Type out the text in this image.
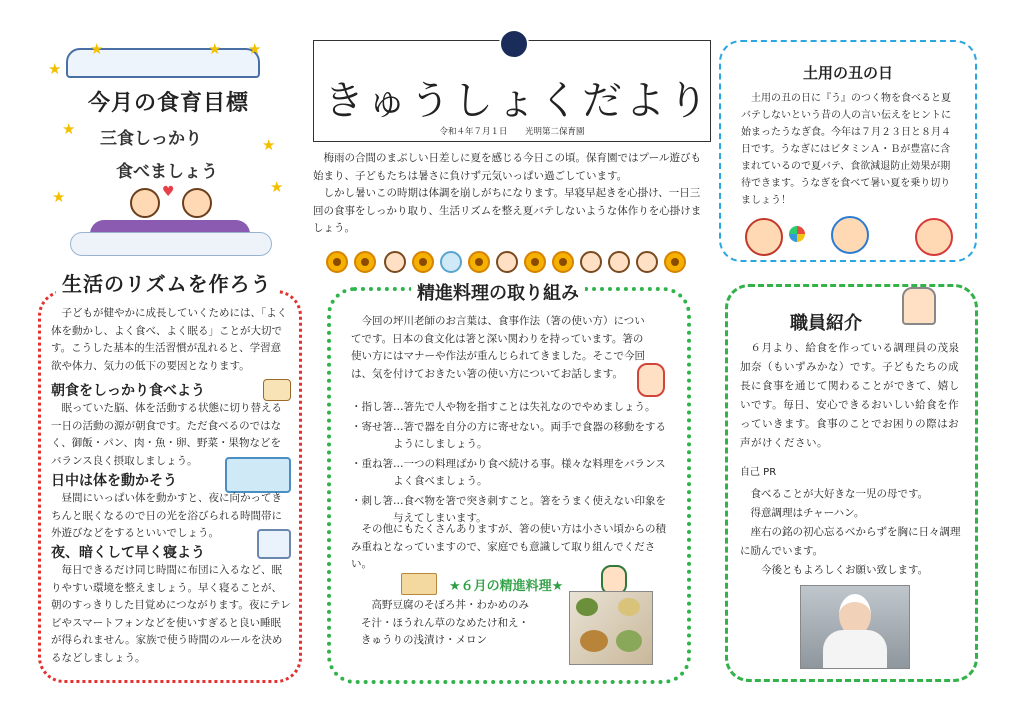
★
★	★ ★
★
★
★
★
今月の食育目標
三食しっかり
食べましょう
♥
きゅうしょくだより
令和４年７月１日 光明第二保育園

梅雨の合間のまぶしい日差しに夏を感じる今日この頃。保育園ではプール遊びも始まり、子どもたちは暑さに負けず元気いっぱい過ごしています。

しかし暑いこの時期は体調を崩しがちになります。早寝早起きを心掛け、一日三回の食事をしっかり取り、生活リズムを整え夏バテしないような体作りを心掛けましょう。

土用の丑の日

土用の丑の日に『う』のつく物を食べると夏バテしないという昔の人の言い伝えをヒントに始まったうなぎ食。今年は７月２３日と８月４日です。うなぎにはビタミンＡ・Ｂが豊富に含まれているので夏バテ、食欲減退防止効果が期待できます。うなぎを食べて暑い夏を乗り切りましょう！

生活のリズムを作ろう

子どもが健やかに成長していくためには、「よく体を動かし、よく食べ、よく眠る」ことが大切です。こうした基本的生活習慣が乱れると、学習意欲や体力、気力の低下の要因となります。

朝食をしっかり食べよう

眠っていた脳、体を活動する状態に切り替える一日の活動の源が朝食です。ただ食べるのではなく、御飯・パン、肉・魚・卵、野菜・果物などをバランス良く摂取しましょう。

日中は体を動かそう

昼間にいっぱい体を動かすと、夜に向かってきちんと眠くなるので日の光を浴びられる時間帯に外遊びなどをするといいでしょう。

夜、暗くして早く寝よう

毎日できるだけ同じ時間に布団に入るなど、眠りやすい環境を整えましょう。早く寝ることが、朝のすっきりした目覚めにつながります。夜にテレビやスマートフォンなどを使いすぎると良い睡眠が得られません。家族で使う時間のルールを決めるなどしましょう。

精進料理の取り組み

今回の坪川老師のお言葉は、食事作法（箸の使い方）についてです。日本の食文化は箸と深い関わりを持っています。箸の使い方にはマナーや作法が重んじられてきました。そこで今回は、気を付けておきたい箸の使い方についてお話します。

・指し箸…箸先で人や物を指すことは失礼なのでやめましょう。

・寄せ箸…箸で器を自分の方に寄せない。両手で食器の移動をするようにしましょう。

・重ね箸…一つの料理ばかり食べ続ける事。様々な料理をバランスよく食べましょう。

・刺し箸…食べ物を箸で突き刺すこと。箸をうまく使えない印象を与えてしまいます。

その他にもたくさんありますが、箸の使い方は小さい頃からの積み重ねとなっていますので、家庭でも意識して取り組んでください。

★６月の精進料理★

高野豆腐のそぼろ丼・わかめのみ

そ汁・ほうれん草のなめたけ和え・

きゅうりの浅漬け・メロン

職員紹介

６月より、給食を作っている調理員の茂泉加奈（もいずみかな）です。子どもたちの成長に食事を通じて関わることができて、嬉しいです。毎日、安心できるおいしい給食を作っていきます。食事のことでお困りの際はお声がけください。

自己 PR

食べることが大好きな一児の母です。

得意調理はチャーハン。

座右の銘の初心忘るべからずを胸に日々調理に励んでいます。

今後ともよろしくお願い致します。
